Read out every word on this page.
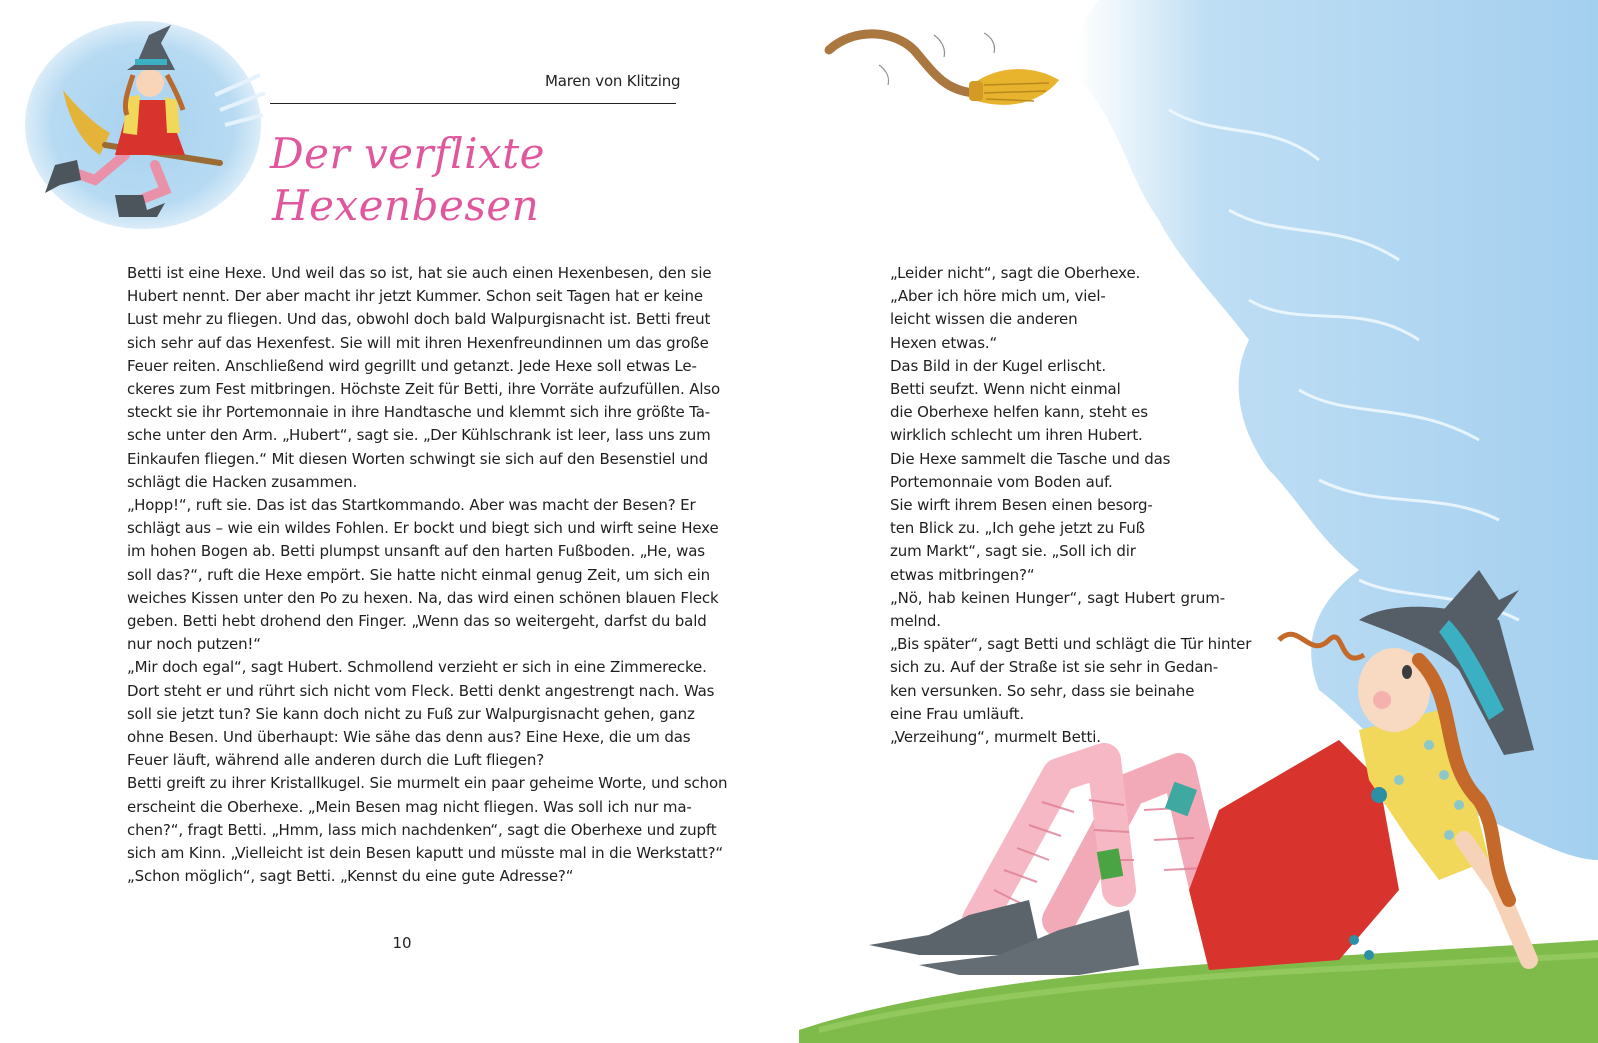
Maren von Klitzing
Der verflixte
Hexenbesen
Betti ist eine Hexe. Und weil das so ist, hat sie auch einen Hexenbesen, den sie
Hubert nennt. Der aber macht ihr jetzt Kummer. Schon seit Tagen hat er keine
Lust mehr zu fliegen. Und das, obwohl doch bald Walpurgisnacht ist. Betti freut
sich sehr auf das Hexenfest. Sie will mit ihren Hexenfreundinnen um das große
Feuer reiten. Anschließend wird gegrillt und getanzt. Jede Hexe soll etwas Le-
ckeres zum Fest mitbringen. Höchste Zeit für Betti, ihre Vorräte aufzufüllen. Also
steckt sie ihr Portemonnaie in ihre Handtasche und klemmt sich ihre größte Ta-
sche unter den Arm. „Hubert“, sagt sie. „Der Kühlschrank ist leer, lass uns zum
Einkaufen fliegen.“ Mit diesen Worten schwingt sie sich auf den Besenstiel und
schlägt die Hacken zusammen.
„Hopp!“, ruft sie. Das ist das Startkommando. Aber was macht der Besen? Er
schlägt aus – wie ein wildes Fohlen. Er bockt und biegt sich und wirft seine Hexe
im hohen Bogen ab. Betti plumpst unsanft auf den harten Fußboden. „He, was
soll das?“, ruft die Hexe empört. Sie hatte nicht einmal genug Zeit, um sich ein
weiches Kissen unter den Po zu hexen. Na, das wird einen schönen blauen Fleck
geben. Betti hebt drohend den Finger. „Wenn das so weitergeht, darfst du bald
nur noch putzen!“
„Mir doch egal“, sagt Hubert. Schmollend verzieht er sich in eine Zimmerecke.
Dort steht er und rührt sich nicht vom Fleck. Betti denkt angestrengt nach. Was
soll sie jetzt tun? Sie kann doch nicht zu Fuß zur Walpurgisnacht gehen, ganz
ohne Besen. Und überhaupt: Wie sähe das denn aus? Eine Hexe, die um das
Feuer läuft, während alle anderen durch die Luft fliegen?
Betti greift zu ihrer Kristallkugel. Sie murmelt ein paar geheime Worte, und schon
erscheint die Oberhexe. „Mein Besen mag nicht fliegen. Was soll ich nur ma-
chen?“, fragt Betti. „Hmm, lass mich nachdenken“, sagt die Oberhexe und zupft
sich am Kinn. „Vielleicht ist dein Besen kaputt und müsste mal in die Werkstatt?“
„Schon möglich“, sagt Betti. „Kennst du eine gute Adresse?“
10
„Leider nicht“, sagt die Oberhexe.
„Aber ich höre mich um, viel-
leicht wissen die anderen
Hexen etwas.“
Das Bild in der Kugel erlischt.
Betti seufzt. Wenn nicht einmal
die Oberhexe helfen kann, steht es
wirklich schlecht um ihren Hubert.
Die Hexe sammelt die Tasche und das
Portemonnaie vom Boden auf.
Sie wirft ihrem Besen einen besorg-
ten Blick zu. „Ich gehe jetzt zu Fuß
zum Markt“, sagt sie. „Soll ich dir
etwas mitbringen?“
„Nö, hab keinen Hunger“, sagt Hubert grum-
melnd.
„Bis später“, sagt Betti und schlägt die Tür hinter
sich zu. Auf der Straße ist sie sehr in Gedan-
ken versunken. So sehr, dass sie beinahe
eine Frau umläuft.
„Verzeihung“, murmelt Betti.
